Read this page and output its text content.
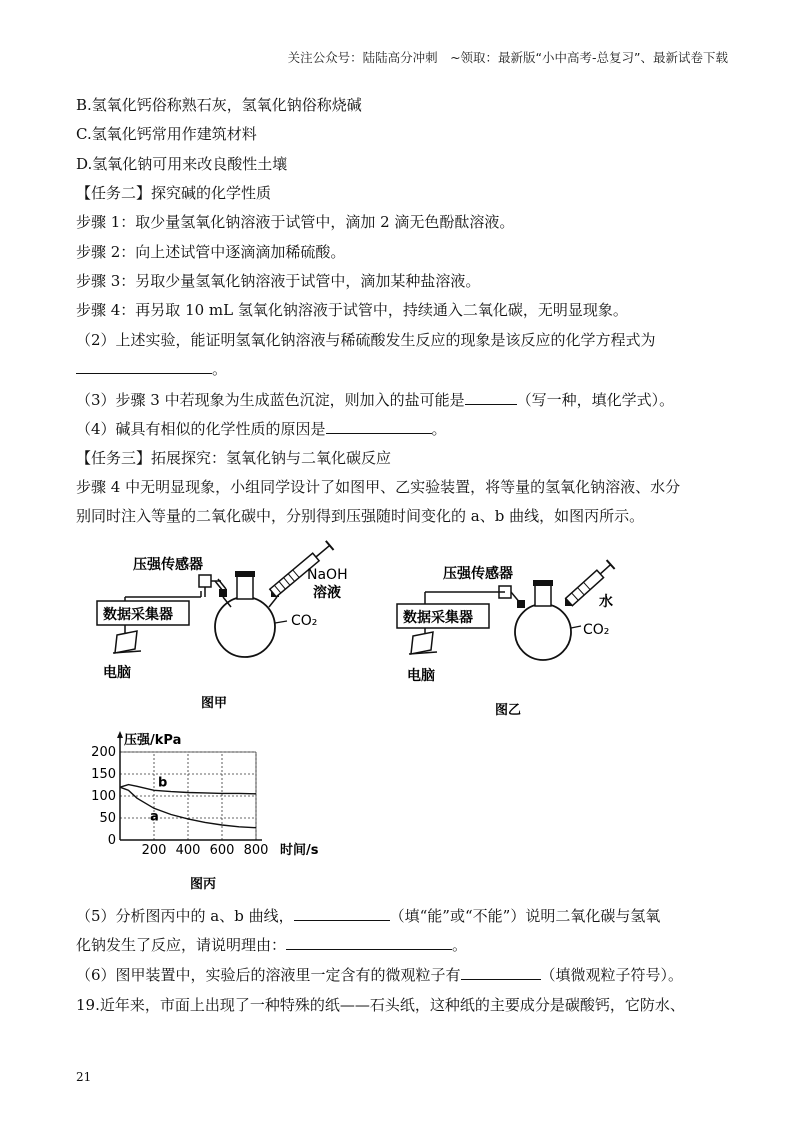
关注公众号：陆陆高分冲刺　~领取：最新版“小中高考-总复习”、最新试卷下载
B.氢氧化钙俗称熟石灰，氢氧化钠俗称烧碱
C.氢氧化钙常用作建筑材料
D.氢氧化钠可用来改良酸性土壤
【任务二】探究碱的化学性质
步骤 1：取少量氢氧化钠溶液于试管中，滴加 2 滴无色酚酞溶液。
步骤 2：向上述试管中逐滴滴加稀硫酸。
步骤 3：另取少量氢氧化钠溶液于试管中，滴加某种盐溶液。
步骤 4：再另取 10 mL 氢氧化钠溶液于试管中，持续通入二氧化碳，无明显现象。
（2）上述实验，能证明氢氧化钠溶液与稀硫酸发生反应的现象是该反应的化学方程式为
。
（3）步骤 3 中若现象为生成蓝色沉淀，则加入的盐可能是	（写一种，填化学式）。
（4）碱具有相似的化学性质的原因是	。
【任务三】拓展探究：氢氧化钠与二氧化碳反应
步骤 4 中无明显现象，小组同学设计了如图甲、乙实验装置，将等量的氢氧化钠溶液、水分
别同时注入等量的二氧化碳中，分别得到压强随时间变化的 a、b 曲线，如图丙所示。
压强传感器
数据采集器
电脑
NaOH
溶液
CO₂
图甲
压强传感器
数据采集器
电脑
水
CO₂
图乙
压强/kPa
时间/s
0
50
100
150
200
200 400 600 800
a
b
图丙
（5）分析图丙中的 a、b 曲线，	（填“能”或“不能”）说明二氧化碳与氢氧
化钠发生了反应，请说明理由：	。
（6）图甲装置中，实验后的溶液里一定含有的微观粒子有	（填微观粒子符号）。
19.近年来，市面上出现了一种特殊的纸——石头纸，这种纸的主要成分是碳酸钙，它防水、
21
